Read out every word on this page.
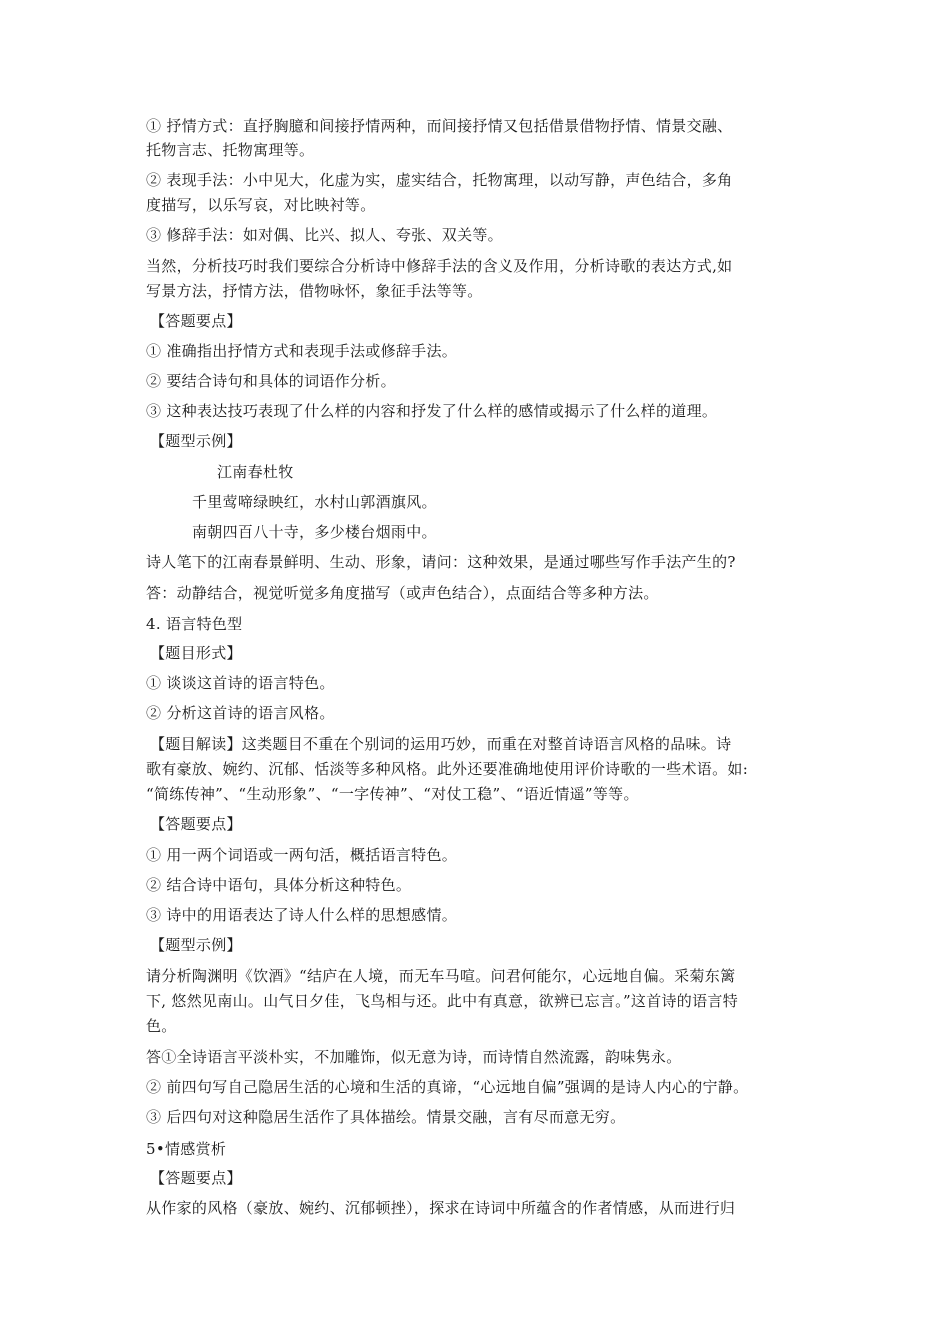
① 抒情方式：直抒胸臆和间接抒情两种，而间接抒情又包括借景借物抒情、情景交融、
托物言志、托物寓理等。
② 表现手法：小中见大，化虚为实，虚实结合，托物寓理，以动写静，声色结合，多角
度描写，以乐写哀，对比映衬等。
③ 修辞手法：如对偶、比兴、拟人、夸张、双关等。
当然，分析技巧时我们要综合分析诗中修辞手法的含义及作用，分析诗歌的表达方式,如
写景方法，抒情方法，借物咏怀，象征手法等等。
【答题要点】
① 准确指出抒情方式和表现手法或修辞手法。
② 要结合诗句和具体的词语作分析。
③ 这种表达技巧表现了什么样的内容和抒发了什么样的感情或揭示了什么样的道理。
【题型示例】
江南春杜牧
千里莺啼绿映红，水村山郭酒旗风。
南朝四百八十寺，多少楼台烟雨中。
诗人笔下的江南春景鲜明、生动、形象，请问：这种效果，是通过哪些写作手法产生的?
答：动静结合，视觉听觉多角度描写（或声色结合），点面结合等多种方法。
4. 语言特色型
【题目形式】
① 谈谈这首诗的语言特色。
② 分析这首诗的语言风格。
【题目解读】这类题目不重在个别词的运用巧妙，而重在对整首诗语言风格的品味。诗
歌有豪放、婉约、沉郁、恬淡等多种风格。此外还要准确地使用评价诗歌的一些术语。如:
“简练传神”、“生动形象”、“一字传神”、“对仗工稳”、“语近情遥”等等。
【答题要点】
① 用一两个词语或一两句活，概括语言特色。
② 结合诗中语句，具体分析这种特色。
③ 诗中的用语表达了诗人什么样的思想感情。
【题型示例】
请分析陶渊明《饮酒》“结庐在人境，而无车马喧。问君何能尔，心远地自偏。采菊东篱
下, 悠然见南山。山气日夕佳，飞鸟相与还。此中有真意，欲辨已忘言。”这首诗的语言特
色。
答①全诗语言平淡朴实，不加雕饰，似无意为诗，而诗情自然流露，韵味隽永。
② 前四句写自己隐居生活的心境和生活的真谛，“心远地自偏”强调的是诗人内心的宁静。
③ 后四句对这种隐居生活作了具体描绘。情景交融，言有尽而意无穷。
5•情感赏析
【答题要点】
从作家的风格（豪放、婉约、沉郁顿挫），探求在诗词中所蕴含的作者情感，从而进行归
